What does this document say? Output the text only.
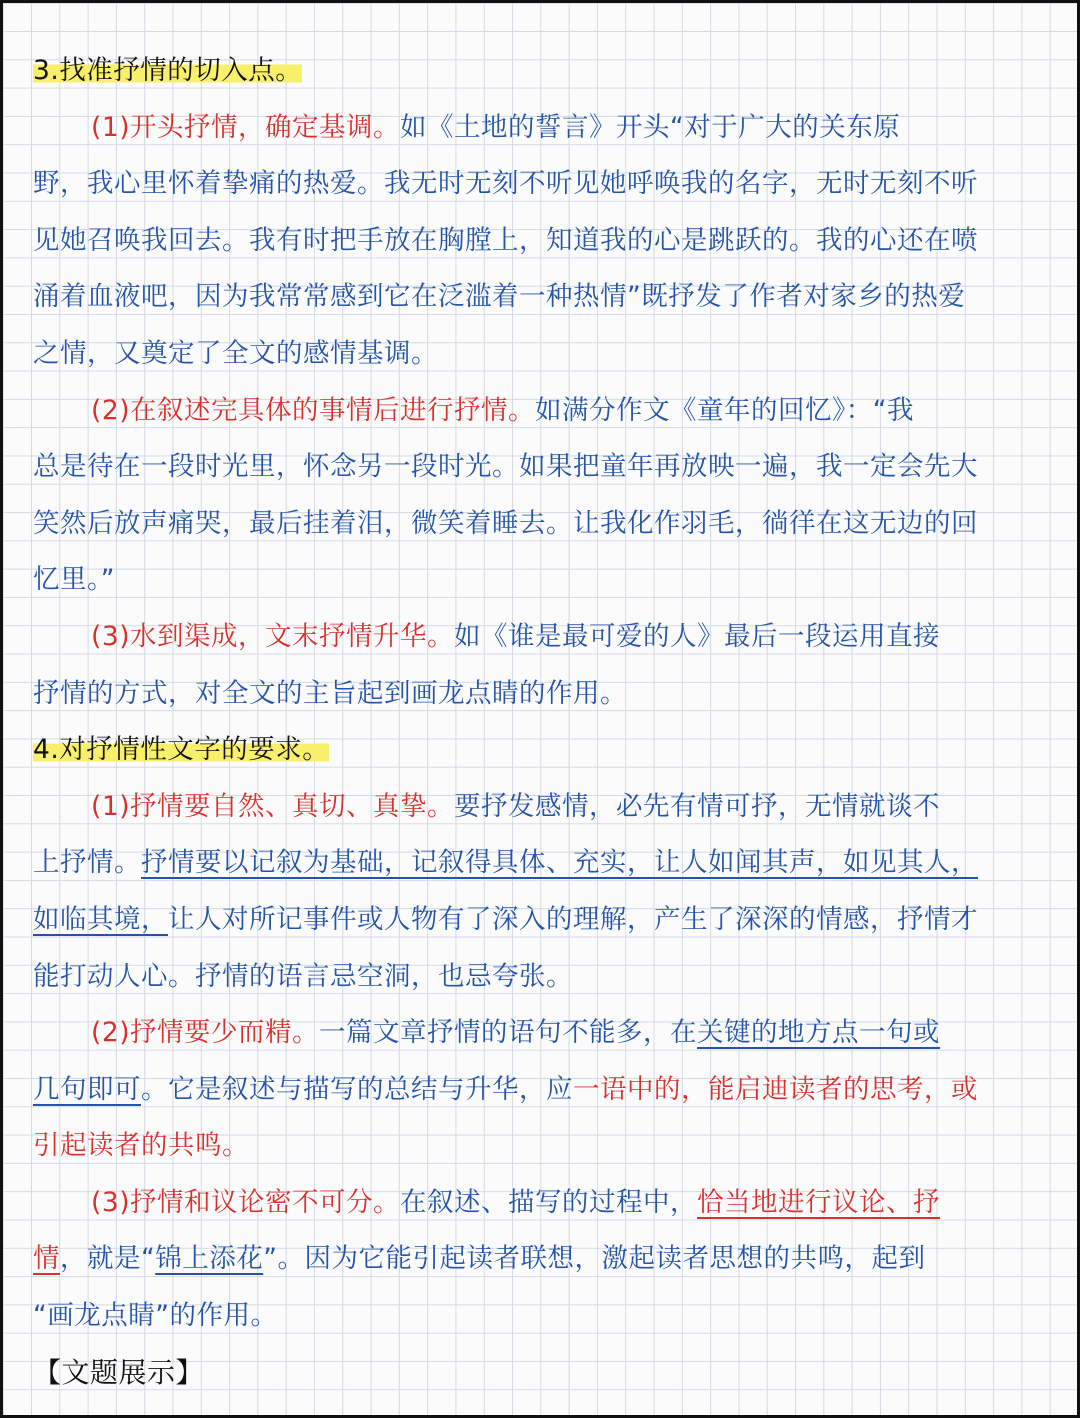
3.找准抒情的切入点。
(1)开头抒情，确定基调。如《土地的誓言》开头“对于广大的关东原
野，我心里怀着挚痛的热爱。我无时无刻不听见她呼唤我的名字，无时无刻不听
见她召唤我回去。我有时把手放在胸膛上，知道我的心是跳跃的。我的心还在喷
涌着血液吧，因为我常常感到它在泛滥着一种热情”既抒发了作者对家乡的热爱
之情，又奠定了全文的感情基调。
(2)在叙述完具体的事情后进行抒情。如满分作文《童年的回忆》：“我
总是待在一段时光里，怀念另一段时光。如果把童年再放映一遍，我一定会先大
笑然后放声痛哭，最后挂着泪，微笑着睡去。让我化作羽毛，徜徉在这无边的回
忆里。”
(3)水到渠成，文末抒情升华。如《谁是最可爱的人》最后一段运用直接
抒情的方式，对全文的主旨起到画龙点睛的作用。
4.对抒情性文字的要求。
(1)抒情要自然、真切、真挚。要抒发感情，必先有情可抒，无情就谈不
上抒情。抒情要以记叙为基础，记叙得具体、充实，让人如闻其声，如见其人，
如临其境，让人对所记事件或人物有了深入的理解，产生了深深的情感，抒情才
能打动人心。抒情的语言忌空洞，也忌夸张。
(2)抒情要少而精。一篇文章抒情的语句不能多，在关键的地方点一句或
几句即可。它是叙述与描写的总结与升华，应一语中的，能启迪读者的思考，或
引起读者的共鸣。
(3)抒情和议论密不可分。在叙述、描写的过程中，恰当地进行议论、抒
情，就是“锦上添花”。因为它能引起读者联想，激起读者思想的共鸣，起到
“画龙点睛”的作用。
【文题展示】
